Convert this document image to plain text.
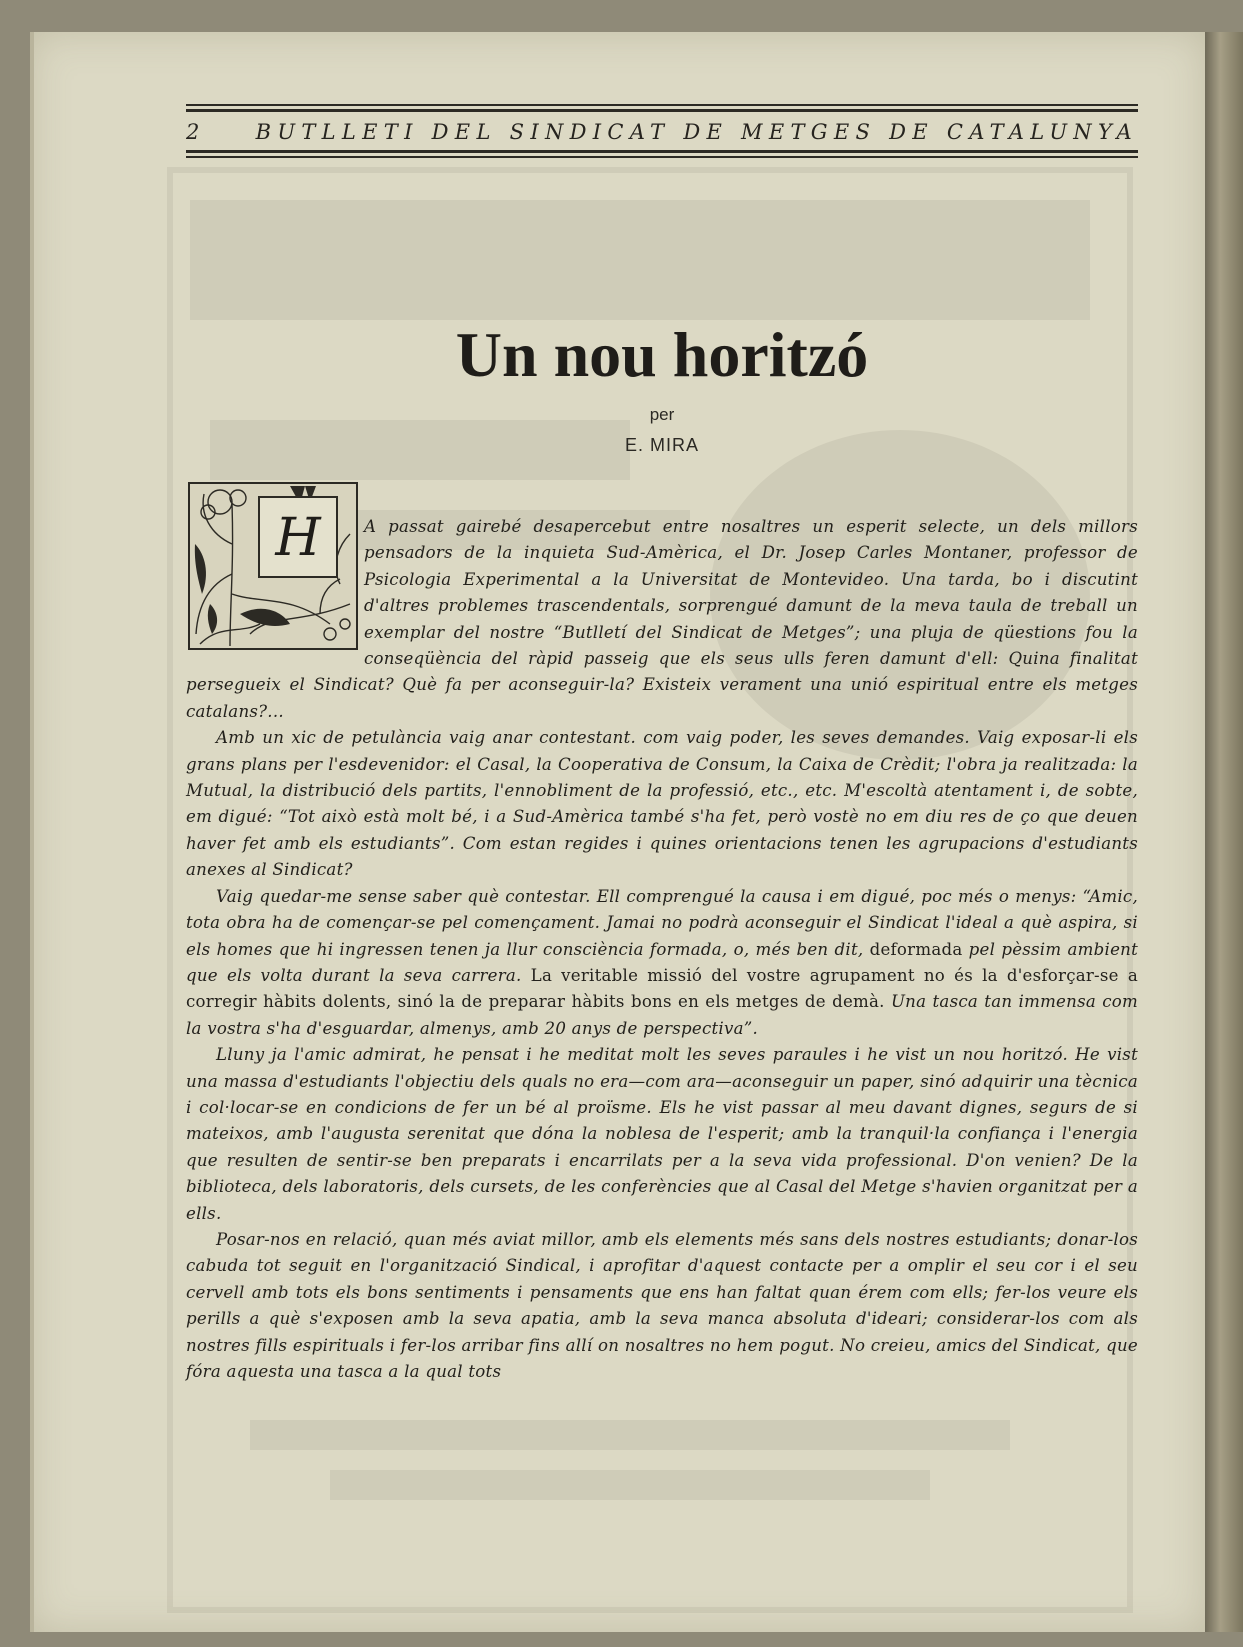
2	BUTLLETI DEL SINDICAT DE METGES DE CATALUNYA
Un nou horitzó
per
E. MIRA
H	A passat gairebé desapercebut entre nosaltres un esperit selecte, un dels millors pensadors de la inquieta Sud-Amèrica, el Dr. Josep Carles Montaner, professor de Psicologia Experimental a la Universitat de Montevideo. Una tarda, bo i discutint d'altres problemes trascendentals, sorprengué damunt de la meva taula de treball un exemplar del nostre “Butlletí del Sindicat de Metges”; una pluja de qüestions fou la conseqüència del ràpid passeig que els seus ulls feren damunt d'ell: Quina finalitat persegueix el Sindicat? Què fa per aconseguir-la? Existeix verament una unió espiritual entre els metges catalans?...

Amb un xic de petulància vaig anar contestant. com vaig poder, les seves demandes. Vaig exposar-li els grans plans per l'esdevenidor: el Casal, la Cooperativa de Consum, la Caixa de Crèdit; l'obra ja realitzada: la Mutual, la distribució dels partits, l'ennobliment de la professió, etc., etc. M'escoltà atentament i, de sobte, em digué: “Tot això està molt bé, i a Sud-Amèrica també s'ha fet, però vostè no em diu res de ço que deuen haver fet amb els estudiants”. Com estan regides i quines orientacions tenen les agrupacions d'estudiants anexes al Sindicat?

Vaig quedar-me sense saber què contestar. Ell comprengué la causa i em digué, poc més o menys: “Amic, tota obra ha de començar-se pel començament. Jamai no podrà aconseguir el Sindicat l'ideal a què aspira, si els homes que hi ingressen tenen ja llur consciència formada, o, més ben dit, deformada pel pèssim ambient que els volta durant la seva carrera. La veritable missió del vostre agrupament no és la d'esforçar-se a corregir hàbits dolents, sinó la de preparar hàbits bons en els metges de demà. Una tasca tan immensa com la vostra s'ha d'esguardar, almenys, amb 20 anys de perspectiva”.

Lluny ja l'amic admirat, he pensat i he meditat molt les seves paraules i he vist un nou horitzó. He vist una massa d'estudiants l'objectiu dels quals no era—com ara—aconseguir un paper, sinó adquirir una tècnica i col·locar-se en condicions de fer un bé al proïsme. Els he vist passar al meu davant dignes, segurs de si mateixos, amb l'augusta serenitat que dóna la noblesa de l'esperit; amb la tranquil·la confiança i l'energia que resulten de sentir-se ben preparats i encarrilats per a la seva vida professional. D'on venien? De la biblioteca, dels laboratoris, dels cursets, de les conferències que al Casal del Metge s'havien organitzat per a ells.

Posar-nos en relació, quan més aviat millor, amb els elements més sans dels nostres estudiants; donar-los cabuda tot seguit en l'organització Sindical, i aprofitar d'aquest contacte per a omplir el seu cor i el seu cervell amb tots els bons sentiments i pensaments que ens han faltat quan érem com ells; fer-los veure els perills a què s'exposen amb la seva apatia, amb la seva manca absoluta d'ideari; considerar-los com als nostres fills espirituals i fer-los arribar fins allí on nosaltres no hem pogut. No creieu, amics del Sindicat, que fóra aquesta una tasca a la qual tots
